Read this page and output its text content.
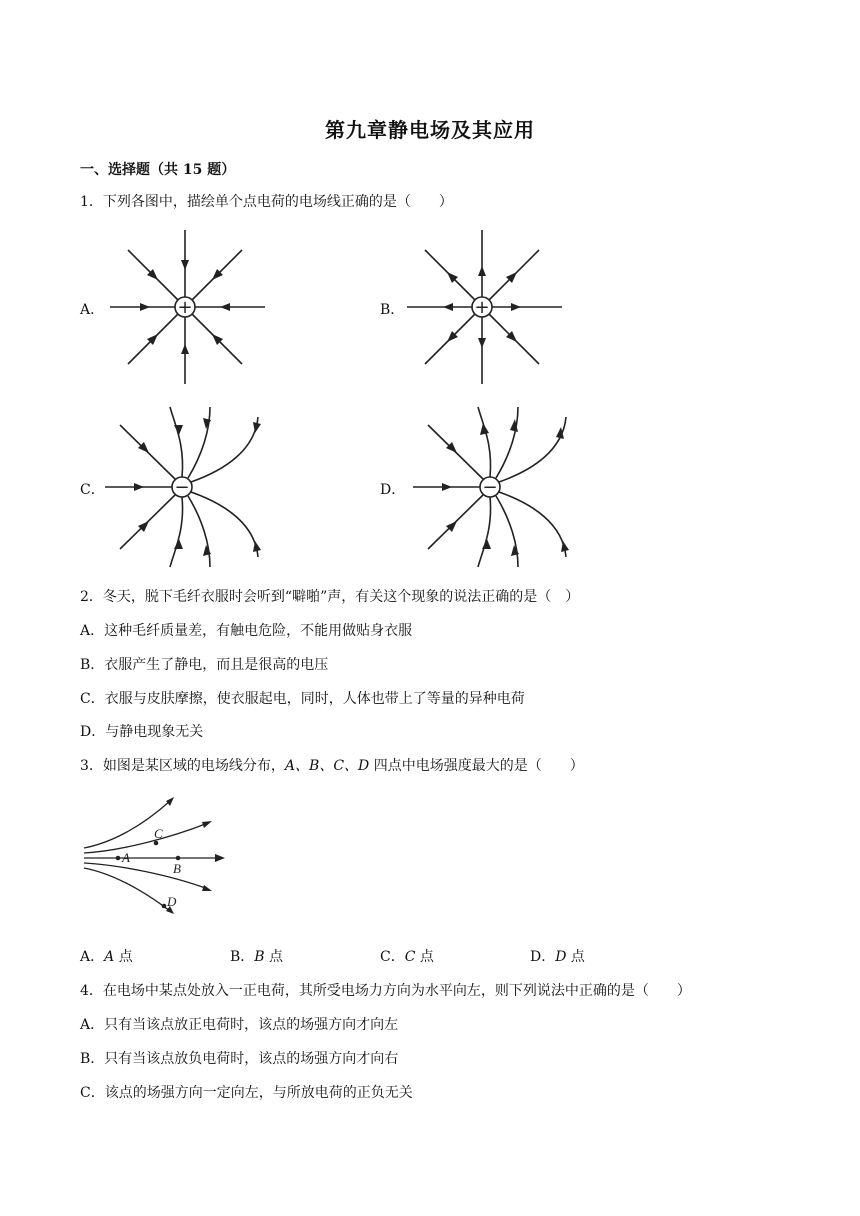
第九章静电场及其应用
一、选择题（共 15 题）
1．下列各图中，描绘单个点电荷的电场线正确的是（　　）
A．	B．
C．	D．
+	+
−	−
2．冬天，脱下毛纤衣服时会听到“噼啪”声，有关这个现象的说法正确的是（　）
A．这种毛纤质量差，有触电危险，不能用做贴身衣服
B．衣服产生了静电，而且是很高的电压
C．衣服与皮肤摩擦，使衣服起电，同时，人体也带上了等量的异种电荷
D．与静电现象无关
3．如图是某区域的电场线分布，A、B、C、D 四点中电场强度最大的是（　　）
A
B
C
D
A．A 点	B．B 点	C．C 点	D．D 点
4．在电场中某点处放入一正电荷，其所受电场力方向为水平向左，则下列说法中正确的是（　　）
A．只有当该点放正电荷时，该点的场强方向才向左
B．只有当该点放负电荷时，该点的场强方向才向右
C．该点的场强方向一定向左，与所放电荷的正负无关
